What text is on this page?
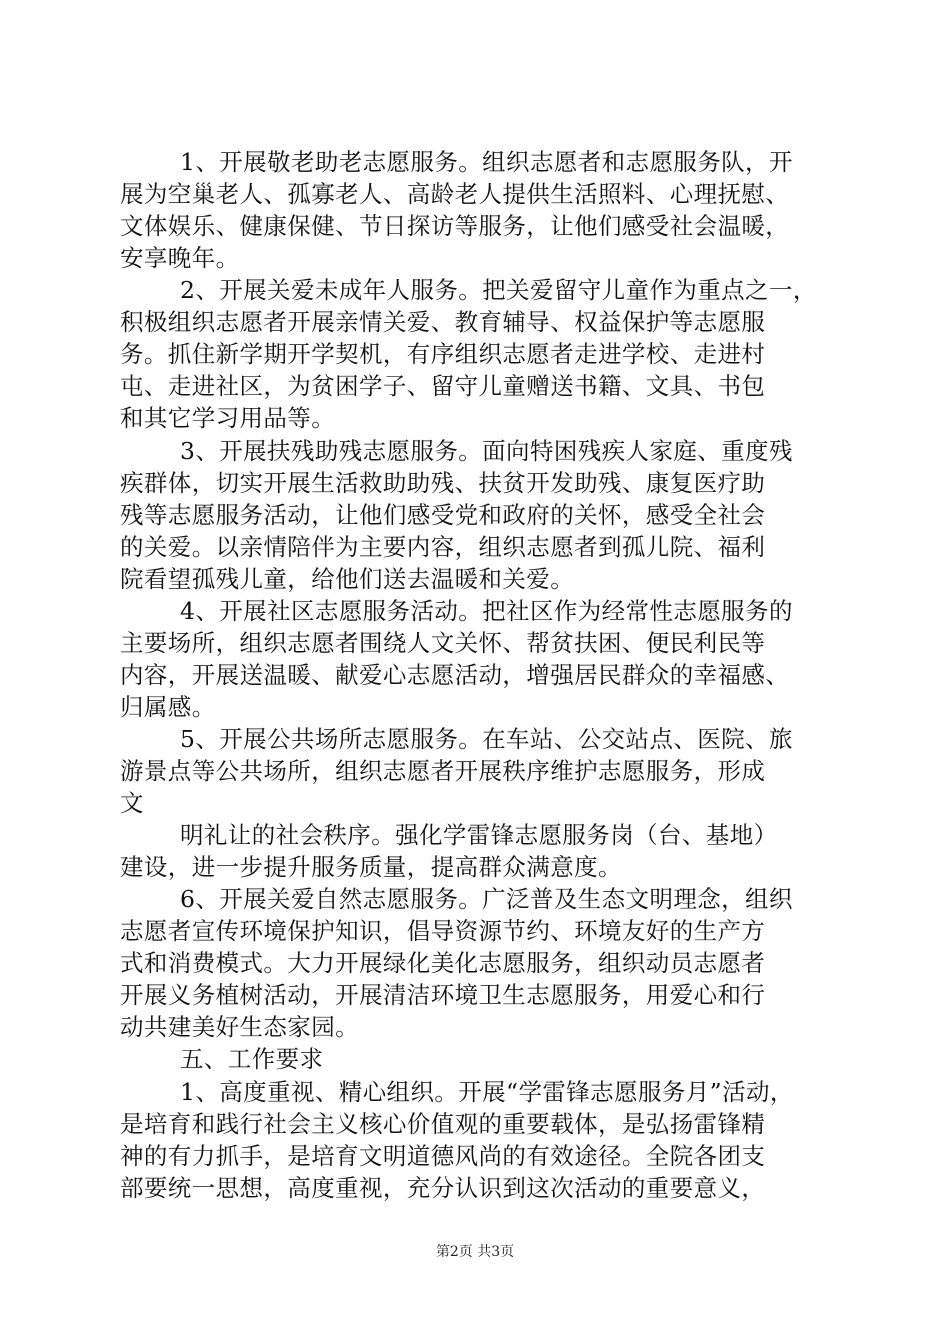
1、开展敬老助老志愿服务。组织志愿者和志愿服务队，开

展为空巢老人、孤寡老人、高龄老人提供生活照料、心理抚慰、

文体娱乐、健康保健、节日探访等服务，让他们感受社会温暖，

安享晚年。

2、开展关爱未成年人服务。把关爱留守儿童作为重点之一，

积极组织志愿者开展亲情关爱、教育辅导、权益保护等志愿服

务。抓住新学期开学契机，有序组织志愿者走进学校、走进村

屯、走进社区，为贫困学子、留守儿童赠送书籍、文具、书包

和其它学习用品等。

3、开展扶残助残志愿服务。面向特困残疾人家庭、重度残

疾群体，切实开展生活救助助残、扶贫开发助残、康复医疗助

残等志愿服务活动，让他们感受党和政府的关怀，感受全社会

的关爱。以亲情陪伴为主要内容，组织志愿者到孤儿院、福利

院看望孤残儿童，给他们送去温暖和关爱。

4、开展社区志愿服务活动。把社区作为经常性志愿服务的

主要场所，组织志愿者围绕人文关怀、帮贫扶困、便民利民等

内容，开展送温暖、献爱心志愿活动，增强居民群众的幸福感、

归属感。

5、开展公共场所志愿服务。在车站、公交站点、医院、旅

游景点等公共场所，组织志愿者开展秩序维护志愿服务，形成

文

明礼让的社会秩序。强化学雷锋志愿服务岗（台、基地）

建设，进一步提升服务质量，提高群众满意度。

6、开展关爱自然志愿服务。广泛普及生态文明理念，组织

志愿者宣传环境保护知识，倡导资源节约、环境友好的生产方

式和消费模式。大力开展绿化美化志愿服务，组织动员志愿者

开展义务植树活动，开展清洁环境卫生志愿服务，用爱心和行

动共建美好生态家园。

五、工作要求

1、高度重视、精心组织。开展“学雷锋志愿服务月”活动，

是培育和践行社会主义核心价值观的重要载体，是弘扬雷锋精

神的有力抓手，是培育文明道德风尚的有效途径。全院各团支

部要统一思想，高度重视，充分认识到这次活动的重要意义，

第2页 共3页
